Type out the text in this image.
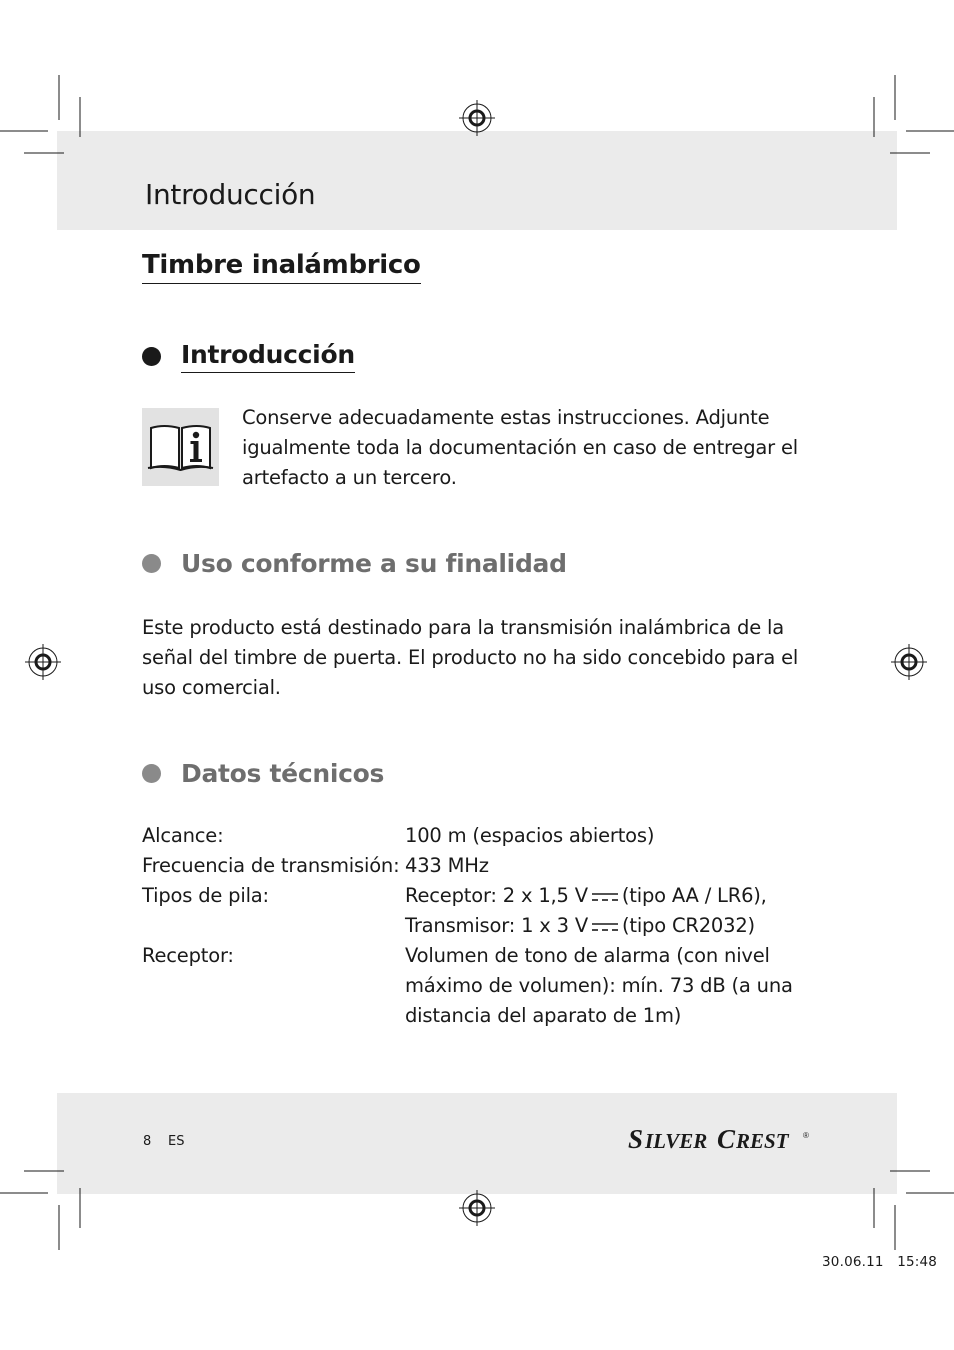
Introducción
Timbre inalámbrico
Introducción
Conserve adecuadamente estas instrucciones. Adjunte
igualmente toda la documentación en caso de entregar el
artefacto a un tercero.
Uso conforme a su finalidad
Este producto está destinado para la transmisión inalámbrica de la
señal del timbre de puerta. El producto no ha sido concebido para el
uso comercial.
Datos técnicos
Alcance:	100 m (espacios abiertos)
Frecuencia de transmisión: 433 MHz
Tipos de pila:	Receptor: 2 x 1,5 V (tipo AA / LR6),
Transmisor: 1 x 3 V (tipo CR2032)
Receptor:	Volumen de tono de alarma (con nivel
máximo de volumen): mín. 73 dB (a una
distancia del aparato de 1m)
8 ES	S ILVER C REST ®
30.06.11   15:48
